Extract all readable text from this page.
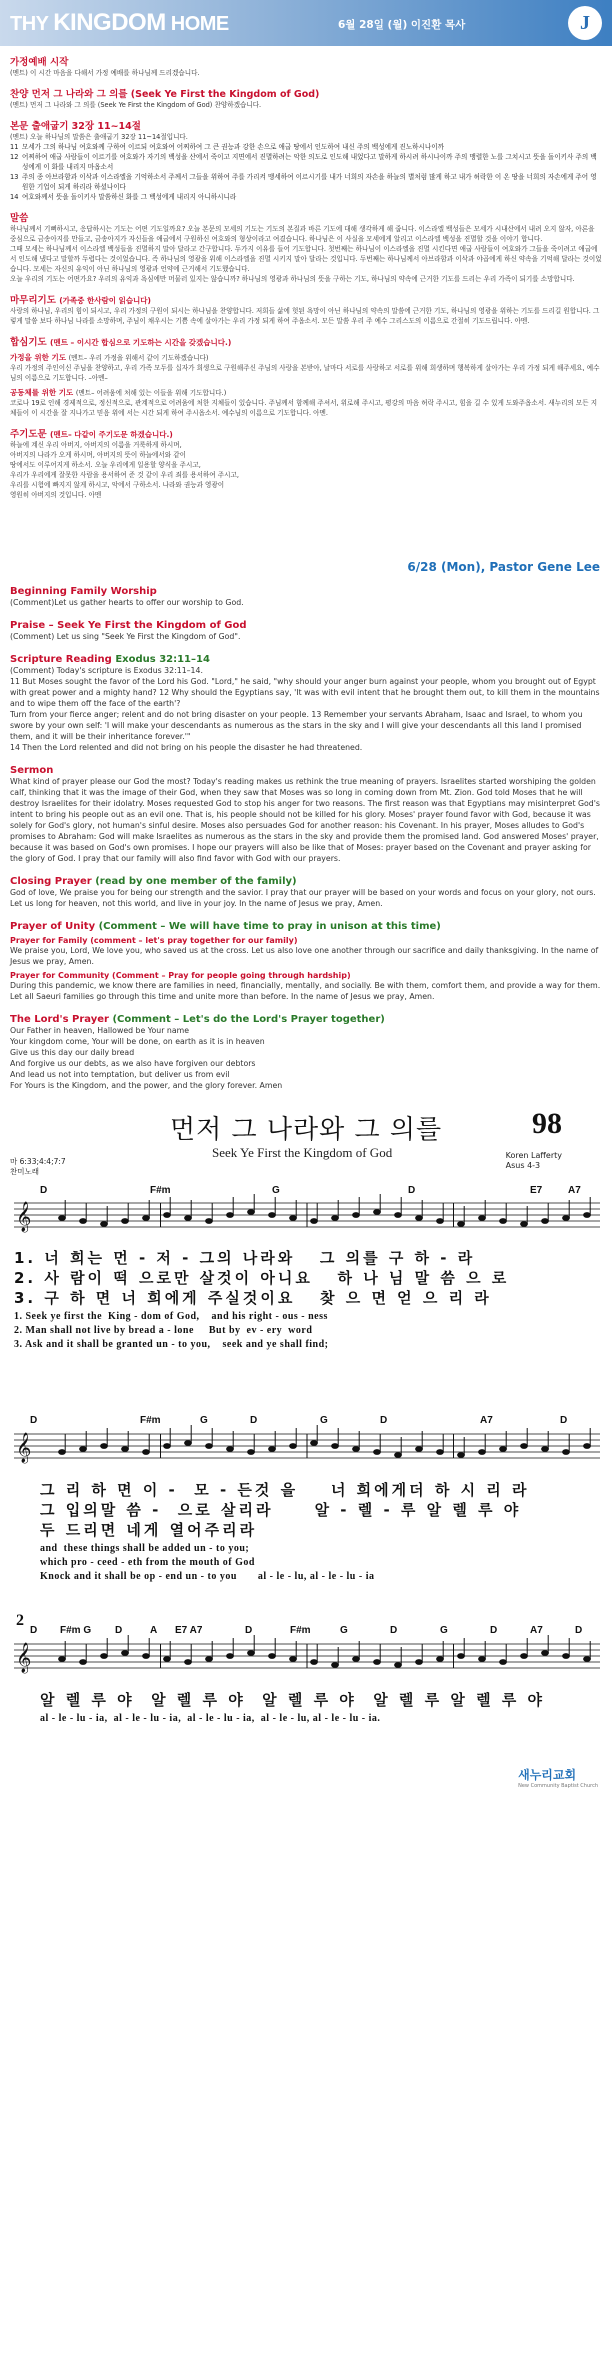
THY KINGDOM HOME	6월 28일 (월) 이진환 목사	J
가정예배 시작
(멘트) 이 시간 마음을 다해서 가정 예배를 하나님께 드리겠습니다.
찬양 먼저 그 나라와 그 의를 (Seek Ye First the Kingdom of God)
(멘트) 먼저 그 나라와 그 의를 (Seek Ye First the Kingdom of God) 찬양하겠습니다.
본문 출애굽기 32장 11~14절
(멘트) 오늘 하나님의 말씀은 출애굽기 32장 11~14절입니다.
11 모세가 그의 하나님 여호와께 구하여 이르되 여호와여 어찌하여 그 큰 권능과 강한 손으로 애굽 땅에서 인도하여 내신 주의 백성에게 진노하시나이까
12 어찌하여 애굽 사람들이 이르기를 여호와가 자기의 백성을 산에서 죽이고 지면에서 진멸하려는 악한 의도로 인도해 내었다고 말하게 하시려 하시나이까 주의 맹렬한 노를 그치시고 뜻을 돌이키사 주의 백성에게 이 화를 내리지 마옵소서
13 주의 종 아브라함과 이삭과 이스라엘을 기억하소서 주께서 그들을 위하여 주를 가리켜 맹세하여 이르시기를 내가 너희의 자손을 하늘의 별처럼 많게 하고 내가 허락한 이 온 땅을 너희의 자손에게 주어 영원한 기업이 되게 하리라 하셨나이다
14 여호와께서 뜻을 돌이키사 말씀하신 화를 그 백성에게 내리지 아니하시니라
말씀

하나님께서 기뻐하시고, 응답하시는 기도는 어떤 기도일까요? 오늘 본문의 모세의 기도는 기도의 본질과 바른 기도에 대해 생각하게 해 줍니다. 이스라엘 백성들은 모세가 시내산에서 내려 오지 않자, 아론을 중심으로 금송아지를 만들고, 금송아지가 자신들을 애굽에서 구원하신 여호와의 형상이라고 여겼습니다. 하나님은 이 사실을 모세에게 알리고 이스라엘 백성을 진멸할 것을 이야기 합니다.

그때 모세는 하나님께서 이스라엘 백성들을 진멸하지 말아 달라고 간구합니다. 두가지 이유를 들어 기도합니다. 첫번째는 하나님이 이스라엘을 진멸 시킨다면 애굽 사람들이 여호와가 그들을 죽이려고 애굽에서 인도해 냈다고 말할까 두렵다는 것이었습니다. 즉 하나님의 영광을 위해 이스라엘을 진멸 시키지 말아 달라는 것입니다. 두번째는 하나님께서 아브라함과 이삭과 야곱에게 하신 약속을 기억해 달라는 것이었습니다. 모세는 자신의 유익이 아닌 하나님의 영광과 언약에 근거해서 기도했습니다.

오늘 우리의 기도는 어떤가요? 우리의 유익과 욕심에만 머물러 있지는 않습니까? 하나님의 영광과 하나님의 뜻을 구하는 기도, 하나님의 약속에 근거한 기도를 드리는 우리 가족이 되기를 소망합니다.

마무리기도 (가족중 한사람이 읽습니다)
사랑의 하나님, 우리의 힘이 되시고, 우리 가정의 구원이 되시는 하나님을 찬양합니다. 저희들 삶에 헛된 욕망이 아닌 하나님의 약속의 말씀에 근거한 기도, 하나님의 영광을 위하는 기도를 드리길 원합니다. 그렇게 말씀 보다 하나님 나라를 소망하며, 주님이 채우시는 기쁨 속에 살아가는 우리 가정 되게 하여 주옵소서. 모든 말씀 우리 주 예수 그리스도의 이름으로 간절히 기도드립니다. 아멘.
합심기도 (멘트 – 이시간 합심으로 기도하는 시간을 갖겠습니다.)
가정을 위한 기도 (멘트– 우리 가정을 위해서 같이 기도하겠습니다)
우리 가정의 주인이신 주님을 찬양하고, 우리 가족 모두를 십자가 희생으로 구원해주신 주님의 사랑을 본받아, 날마다 서로를 사랑하고 서로를 위해 희생하며 행복하게 살아가는 우리 가정 되게 해주세요, 예수님의 이름으로 기도합니다. –아멘–
공동체를 위한 기도 (멘트– 어려움에 처해 있는 이들을 위해 기도합니다.)
코로나 19로 인해 경제적으로, 정신적으로, 관계적으로 어려움에 처한 지체들이 있습니다. 주님께서 함께해 주셔서, 위로해 주시고, 평강의 마음 허락 주시고, 힘을 길 수 있게 도와주옵소서. 새누리의 모든 지체들이 이 시간을 잘 지나가고 믿음 위에 서는 시간 되게 하여 주시옵소서. 예수님의 이름으로 기도합니다. 아멘.
주기도문 (멘트– 다같이 주기도문 하겠습니다.)

하늘에 계신 우리 아버지, 아버지의 이름을 거룩하게 하시며,

아버지의 나라가 오게 하시며, 아버지의 뜻이 하늘에서와 같이

땅에서도 이루어지게 하소서. 오늘 우리에게 일용할 양식을 주시고,

우리가 우리에게 잘못한 사람을 용서하여 준 것 같이 우리 죄를 용서하여 주시고,

우리를 시험에 빠지지 않게 하시고, 악에서 구하소서. 나라와 권능과 영광이

영원히 아버지의 것입니다. 아멘

6/28 (Mon), Pastor Gene Lee
Beginning Family Worship
(Comment)Let us gather hearts to offer our worship to God.
Praise – Seek Ye First the Kingdom of God
(Comment) Let us sing "Seek Ye First the Kingdom of God".
Scripture Reading Exodus 32:11–14

(Comment) Today's scripture is Exodus 32:11–14.

11 But Moses sought the favor of the Lord his God. "Lord," he said, "why should your anger burn against your people, whom you brought out of Egypt with great power and a mighty hand? 12 Why should the Egyptians say, 'It was with evil intent that he brought them out, to kill them in the mountains and to wipe them off the face of the earth'?

Turn from your fierce anger; relent and do not bring disaster on your people. 13 Remember your servants Abraham, Isaac and Israel, to whom you swore by your own self: 'I will make your descendants as numerous as the stars in the sky and I will give your descendants all this land I promised them, and it will be their inheritance forever.'"

14 Then the Lord relented and did not bring on his people the disaster he had threatened.

Sermon
What kind of prayer please our God the most? Today's reading makes us rethink the true meaning of prayers. Israelites started worshiping the golden calf, thinking that it was the image of their God, when they saw that Moses was so long in coming down from Mt. Zion. God told Moses that he will destroy Israelites for their idolatry. Moses requested God to stop his anger for two reasons. The first reason was that Egyptians may misinterpret God's intent to bring his people out as an evil one. That is, his people should not be killed for his glory. Moses' prayer found favor with God, because it was solely for God's glory, not human's sinful desire. Moses also persuades God for another reason: his Covenant. In his prayer, Moses alludes to God's promises to Abraham: God will make Israelites as numerous as the stars in the sky and provide them the promised land. God answered Moses' prayer, because it was based on God's own promises. I hope our prayers will also be like that of Moses: prayer based on the Covenant and prayer asking for the glory of God. I pray that our family will also find favor with God with our prayers.
Closing Prayer (read by one member of the family)
God of love, We praise you for being our strength and the savior. I pray that our prayer will be based on your words and focus on your glory, not ours. Let us long for heaven, not this world, and live in your joy. In the name of Jesus we pray, Amen.
Prayer of Unity (Comment – We will have time to pray in unison at this time)
Prayer for Family (comment – let's pray together for our family)
We praise you, Lord, We love you, who saved us at the cross. Let us also love one another through our sacrifice and daily thanksgiving. In the name of Jesus we pray, Amen.
Prayer for Community (Comment – Pray for people going through hardship)
During this pandemic, we know there are families in need, financially, mentally, and socially. Be with them, comfort them, and provide a way for them. Let all Saeuri families go through this time and unite more than before. In the name of Jesus we pray, Amen.
The Lord's Prayer (Comment – Let's do the Lord's Prayer together)

Our Father in heaven, Hallowed be Your name

Your kingdom come, Your will be done, on earth as it is in heaven

Give us this day our daily bread

And forgive us our debts, as we also have forgiven our debtors

And lead us not into temptation, but deliver us from evil

For Yours is the Kingdom, and the power, and the glory forever. Amen

먼저 그 나라와 그 의를	98
Seek Ye First the Kingdom of God
마 6:33;4:4;7:7
찬미노래
Koren Lafferty
Asus 4-3
D	F#m	G	D	E7	A7
D	F#m	G	D	G	D	A7	D
D F#m G D	A E7 A7	D	F#m	G	D	G	D	A7	D
2
𝄞
𝄞
𝄞
1. 너 희는 먼 - 저 - 그의 나라와   그 의를 구 하 - 라
2. 사 람이 떡 으로만 살것이 아니요   하 나 님 말 씀 으 로
3. 구 하 면 너 희에게 주실것이요   찾 으 면 얻 으 리 라
1. Seek ye first the  King - dom of God,    and his right - ous - ness
2. Man shall not live by bread a - lone     But by  ev - ery  word
3. Ask and it shall be granted un - to you,    seek and ye shall find;
그 리 하 면 이 -  모 - 든것 을    너 희에게더 하 시 리 라
그 입의말 씀 -  으로 살리라     알 - 렐 - 루 알 렐 루 야
두 드리면 네게 열어주리라
and  these things shall be added un - to you;
which pro - ceed - eth from the mouth of God
Knock and it shall be op - end un - to you       al - le - lu, al - le - lu - ia
알 렐 루 야  알 렐 루 야  알 렐 루 야  알 렐 루 알 렐 루 야
al - le - lu - ia,  al - le - lu - ia,  al - le - lu - ia,  al - le - lu, al - le - lu - ia.
새누리교회
New Community Baptist Church
